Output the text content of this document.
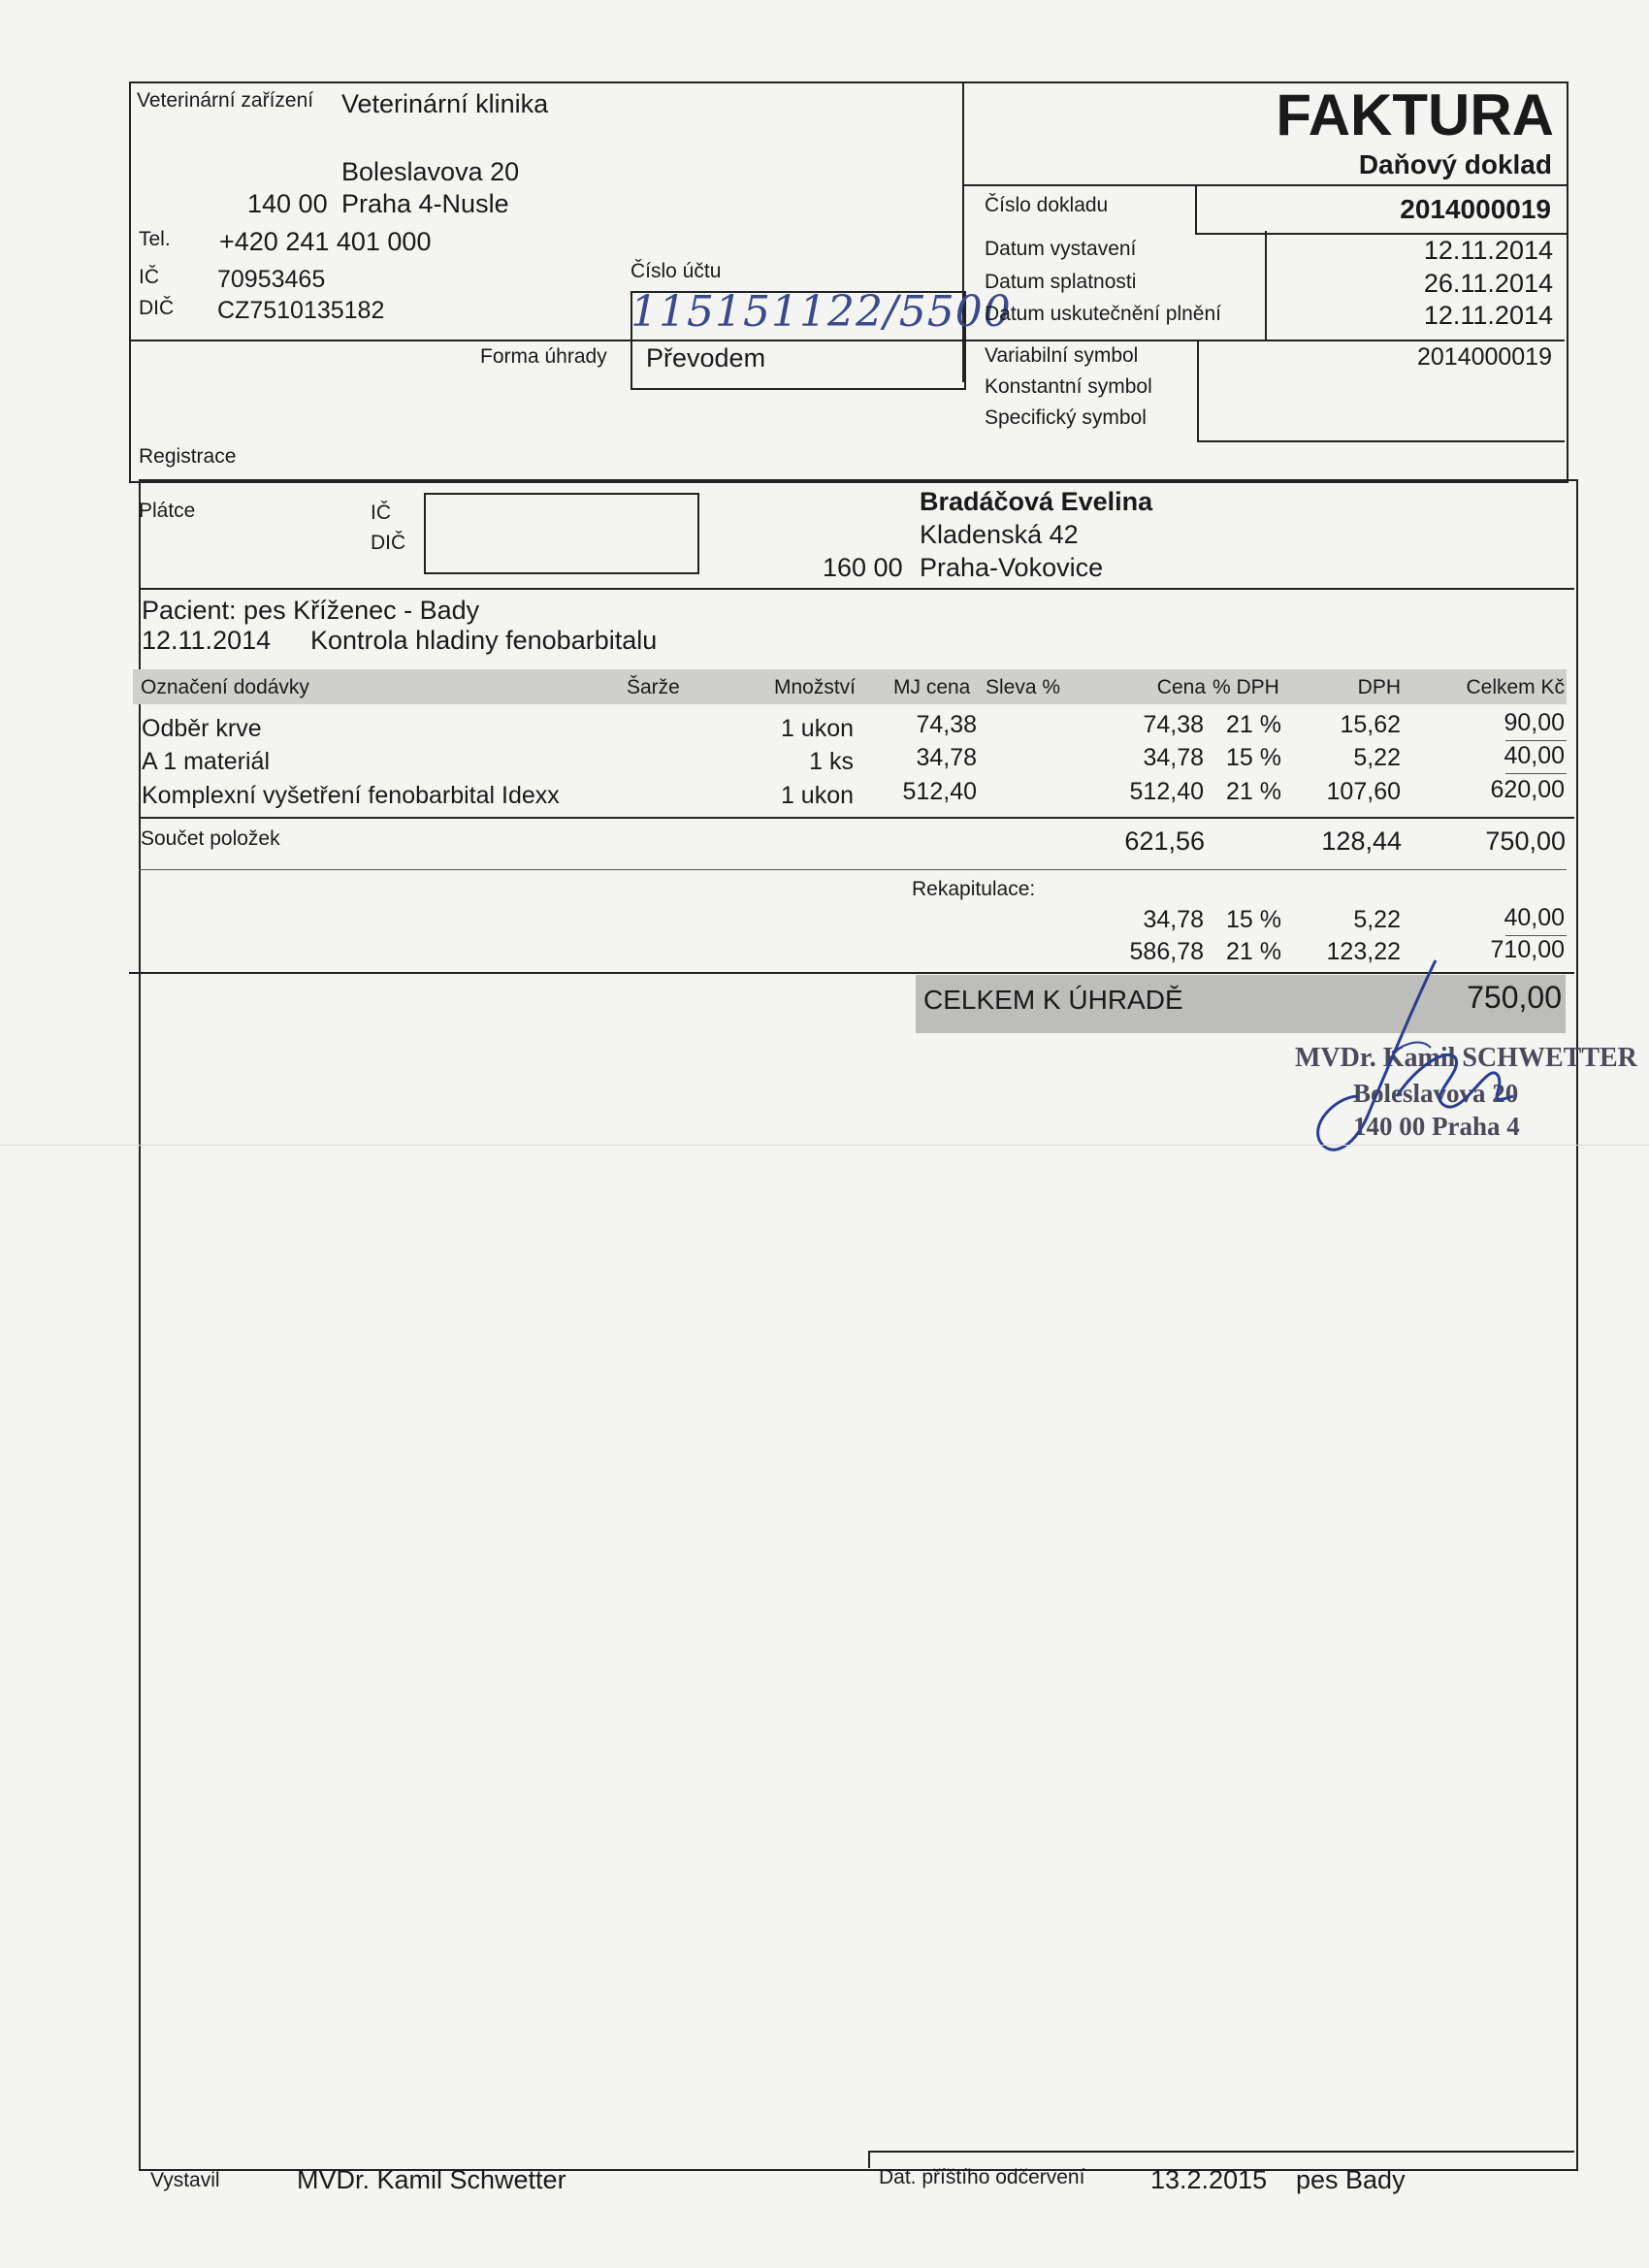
Veterinární zařízení Veterinární klinika
Boleslavova 20
140 00 Praha 4-Nusle
Tel. +420 241 401 000
IČ 70953465
DIČ CZ7510135182
Číslo účtu
115151122/5500
Forma úhrady Převodem
Registrace
FAKTURA
Daňový doklad
Číslo dokladu	2014000019
Datum vystavení	12.11.2014
Datum splatnosti	26.11.2014
Datum uskutečnění plnění	12.11.2014
Variabilní symbol	2014000019
Konstantní symbol
Specifický symbol
Plátce	IČ
DIČ
Bradáčová Evelina
Kladenská 42
160 00 Praha-Vokovice
Pacient: pes Kříženec - Bady
12.11.2014 Kontrola hladiny fenobarbitalu
Označení dodávky	Šarže	Množství MJ cena Sleva %	Cena % DPH	DPH	Celkem Kč
Odběr krve	1 ukon	74,38	74,38 21 % 15,62	90,00
A 1 materiál	1 ks	34,78	34,78 15 %	5,22	40,00
Komplexní vyšetření fenobarbital Idexx	1 ukon 512,40	512,40 21 % 107,60	620,00
Součet položek	621,56	128,44	750,00
Rekapitulace:
34,78 15 %	5,22	40,00
586,78 21 % 123,22	710,00
CELKEM K ÚHRADĚ	750,00
MVDr. Kamil SCHWETTER
Boleslavova 20
140 00 Praha 4
Vystavil	MVDr. Kamil Schwetter	Dat. příštího odčervení	13.2.2015 pes Bady
